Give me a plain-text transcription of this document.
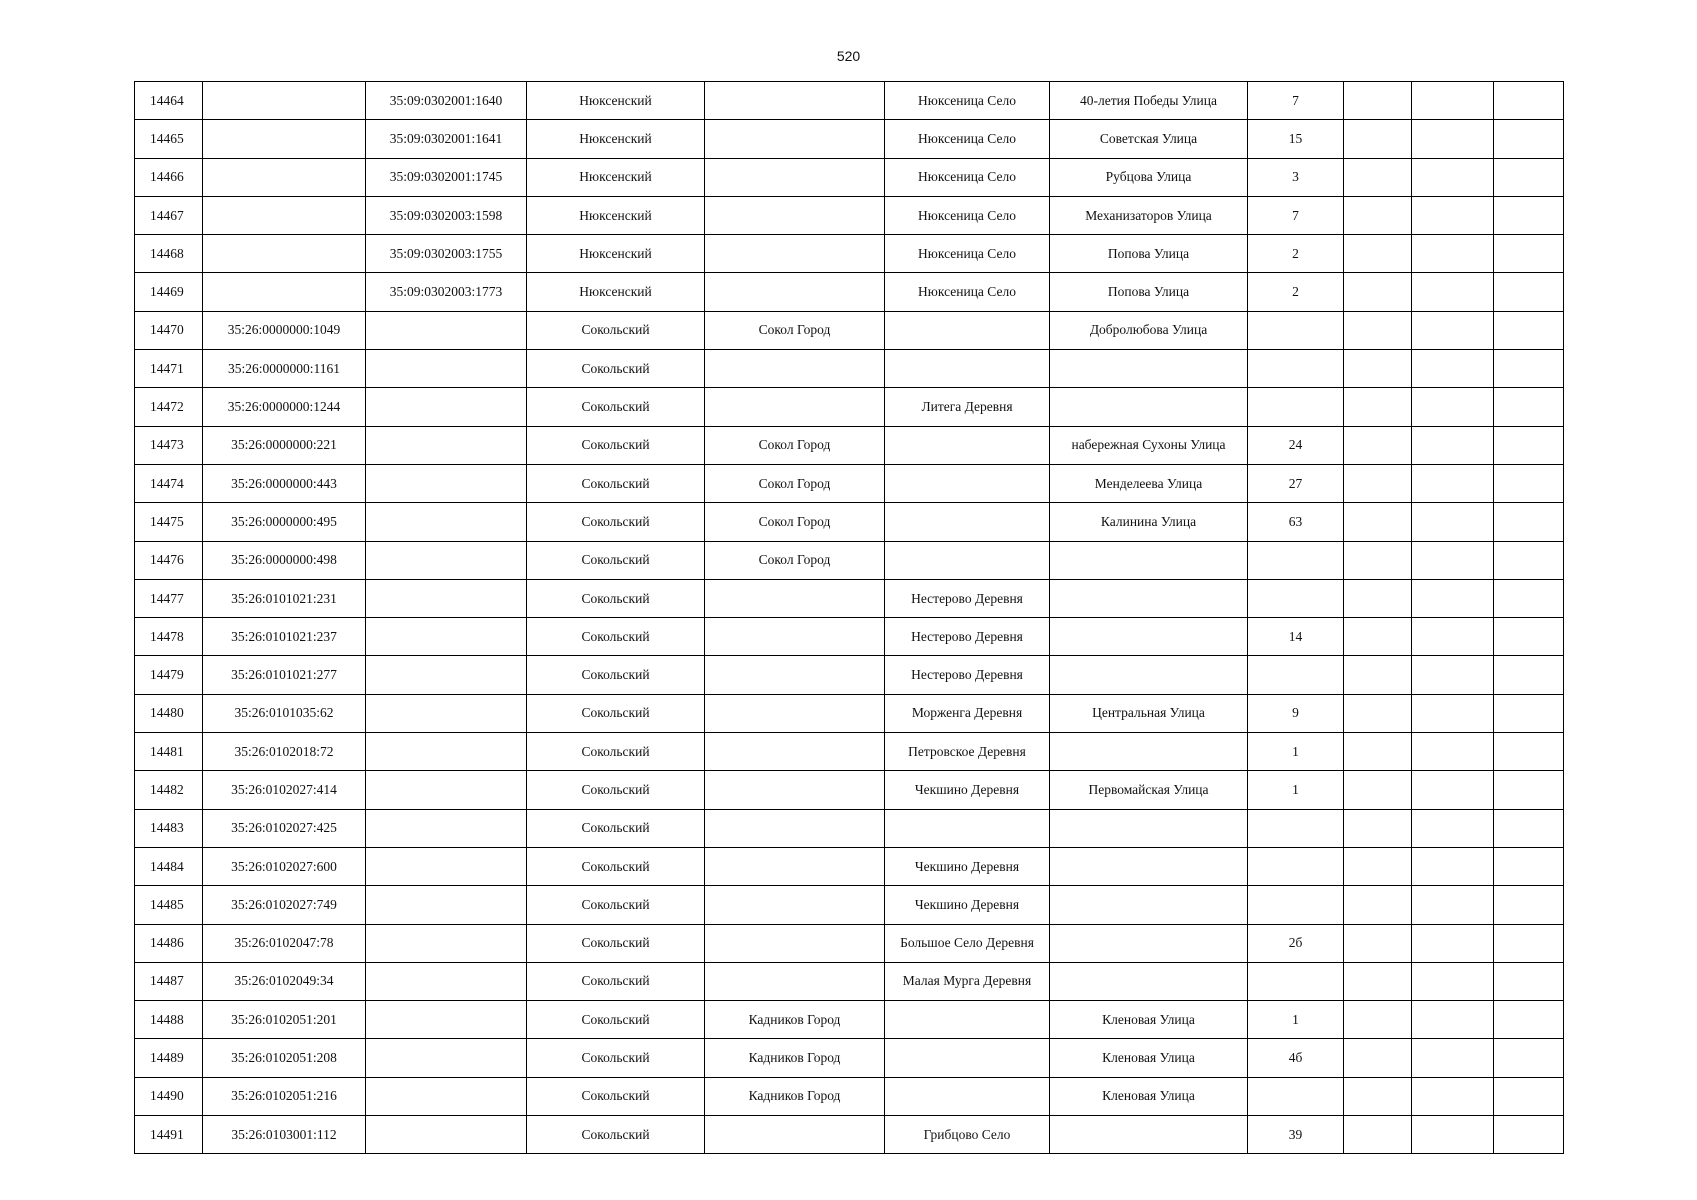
520
14464		35:09:0302001:1640	Нюксенский		Нюксеница Село	40-летия Победы Улица	7			
14465		35:09:0302001:1641	Нюксенский		Нюксеница Село	Советская Улица	15			
14466		35:09:0302001:1745	Нюксенский		Нюксеница Село	Рубцова Улица	3			
14467		35:09:0302003:1598	Нюксенский		Нюксеница Село	Механизаторов Улица	7			
14468		35:09:0302003:1755	Нюксенский		Нюксеница Село	Попова Улица	2			
14469		35:09:0302003:1773	Нюксенский		Нюксеница Село	Попова Улица	2			
14470	35:26:0000000:1049		Сокольский	Сокол Город		Добролюбова Улица				
14471	35:26:0000000:1161		Сокольский							
14472	35:26:0000000:1244		Сокольский		Литега Деревня					
14473	35:26:0000000:221		Сокольский	Сокол Город		набережная Сухоны Улица	24			
14474	35:26:0000000:443		Сокольский	Сокол Город		Менделеева Улица	27			
14475	35:26:0000000:495		Сокольский	Сокол Город		Калинина Улица	63			
14476	35:26:0000000:498		Сокольский	Сокол Город						
14477	35:26:0101021:231		Сокольский		Нестерово Деревня					
14478	35:26:0101021:237		Сокольский		Нестерово Деревня		14			
14479	35:26:0101021:277		Сокольский		Нестерово Деревня					
14480	35:26:0101035:62		Сокольский		Морженга Деревня	Центральная Улица	9			
14481	35:26:0102018:72		Сокольский		Петровское Деревня		1			
14482	35:26:0102027:414		Сокольский		Чекшино Деревня	Первомайская Улица	1			
14483	35:26:0102027:425		Сокольский							
14484	35:26:0102027:600		Сокольский		Чекшино Деревня					
14485	35:26:0102027:749		Сокольский		Чекшино Деревня					
14486	35:26:0102047:78		Сокольский		Большое Село Деревня		2б			
14487	35:26:0102049:34		Сокольский		Малая Мурга Деревня					
14488	35:26:0102051:201		Сокольский	Кадников Город		Кленовая Улица	1			
14489	35:26:0102051:208		Сокольский	Кадников Город		Кленовая Улица	4б			
14490	35:26:0102051:216		Сокольский	Кадников Город		Кленовая Улица				
14491	35:26:0103001:112		Сокольский		Грибцово Село		39			
